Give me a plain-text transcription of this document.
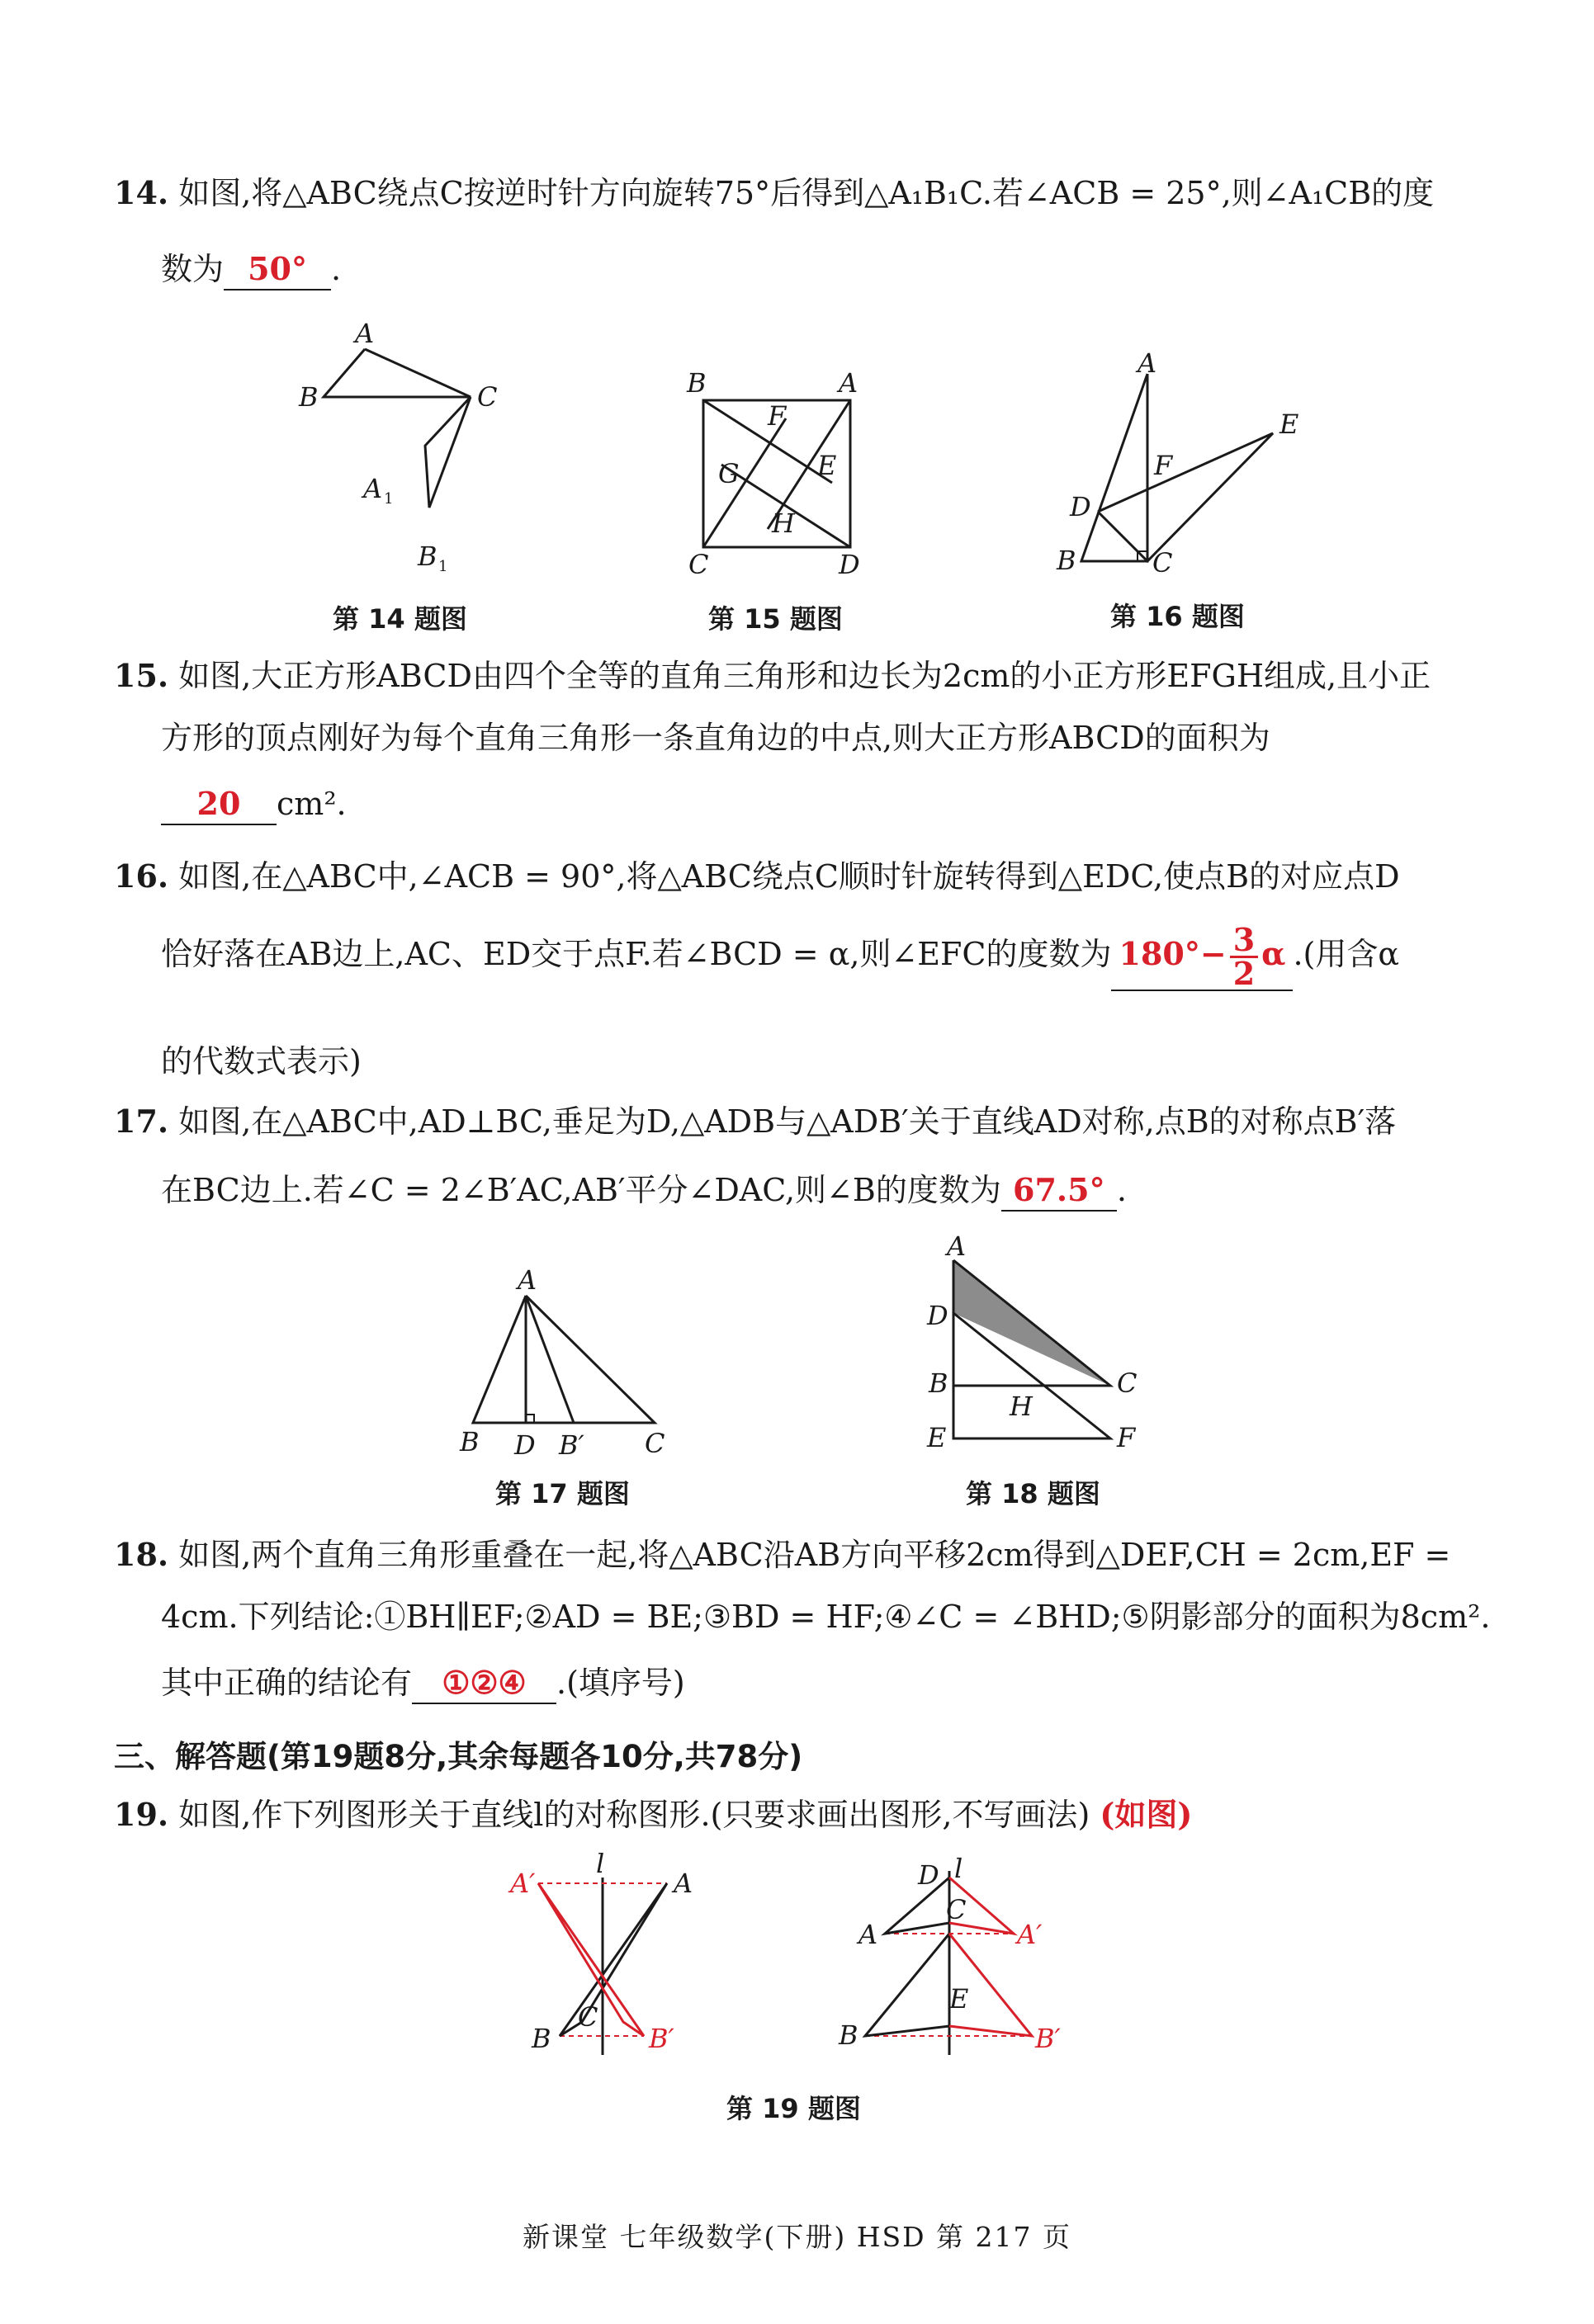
14. 如图,将△ABC绕点C按逆时针方向旋转75°后得到△A₁B₁C.若∠ACB = 25°,则∠A₁CB的度
数为 50° .
A
B	C
A 1
B 1
第 14 题图
B	A
F
G	E
H
C	D
第 15 题图
A
E
F
D
B	C
第 16 题图
15. 如图,大正方形ABCD由四个全等的直角三角形和边长为2cm的小正方形EFGH组成,且小正
方形的顶点刚好为每个直角三角形一条直角边的中点,则大正方形ABCD的面积为
20 cm².
16. 如图,在△ABC中,∠ACB = 90°,将△ABC绕点C顺时针旋转得到△EDC,使点B的对应点D
恰好落在AB边上,AC、ED交于点F.若∠BCD = α,则∠EFC的度数为 $180^\circ- \frac{3}{2}$ α .(用含α
的代数式表示)
17. 如图,在△ABC中,AD⊥BC,垂足为D,△ADB与△ADB′关于直线AD对称,点B的对称点B′落
在BC边上.若∠C = 2∠B′AC,AB′平分∠DAC,则∠B的度数为 67.5° .
A
B D B′ C
第 17 题图
A
D
B	C
H
E	F
第 18 题图
18. 如图,两个直角三角形重叠在一起,将△ABC沿AB方向平移2cm得到△DEF,CH = 2cm,EF =
4cm.下列结论:①BH∥EF;②AD = BE;③BD = HF;④∠C = ∠BHD;⑤阴影部分的面积为8cm².
其中正确的结论有 ①②④ .(填序号)
三、解答题(第19题8分,其余每题各10分,共78分)
19. 如图,作下列图形关于直线l的对称图形.(只要求画出图形,不写画法) (如图)
l
A′	A
C
B	B′
D l
C
A	A′
E
B	B′
第 19 题图
新课堂 七年级数学(下册) HSD 第 217 页
